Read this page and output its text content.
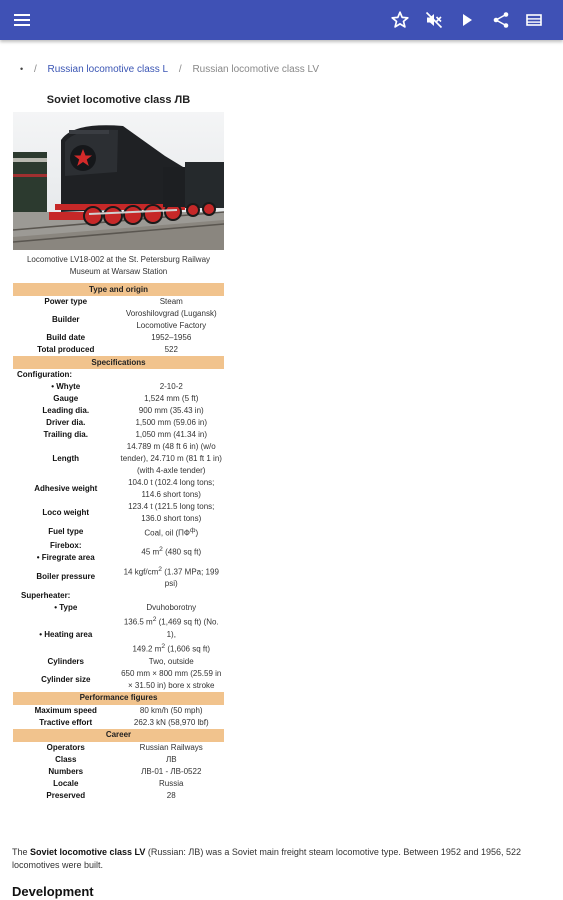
• / Russian locomotive class L / Russian locomotive class LV
Soviet locomotive class ЛВ
Locomotive LV18-002 at the St. Petersburg Railway Museum at Warsaw Station
Type and origin	
Power type	Steam
Builder	Voroshilovgrad (Lugansk) Locomotive Factory
Build date	1952–1956
Total produced	522
Specifications	
Configuration:	
• Whyte	2-10-2
Gauge	1,524 mm (5 ft)
Leading dia.	900 mm (35.43 in)
Driver dia.	1,500 mm (59.06 in)
Trailing dia.	1,050 mm (41.34 in)
Length	14.789 m (48 ft 6 in) (w/o tender), 24.710 m (81 ft 1 in) (with 4-axle tender)
Adhesive weight	104.0 t (102.4 long tons; 114.6 short tons)
Loco weight	123.4 t (121.5 long tons; 136.0 short tons)
Fuel type	Coal, oil $(ПФ^ф)$
Firebox:
• Firegrate area	45 $m^2$ (480 sq ft)
Boiler pressure	14 kgf/$cm^2$ (1.37 MPa; 199 psi)
Superheater:	
• Type	Dvuhoborotny
• Heating area	136.5 $m^2$ (1,469 sq ft) (No. 1),
149.2 $m^2$ (1,606 sq ft)
Cylinders	Two, outside
Cylinder size	650 mm × 800 mm (25.59 in × 31.50 in) bore x stroke
Performance figures	
Maximum speed	80 km/h (50 mph)
Tractive effort	262.3 kN (58,970 lbf)
Career	
Operators	Russian Railways
Class	ЛВ
Numbers	ЛВ-01 - ЛВ-0522
Locale	Russia
Preserved	28
The Soviet locomotive class LV (Russian: ЛВ) was a Soviet main freight steam locomotive type. Between 1952 and 1956, 522 locomotives were built.
Development
